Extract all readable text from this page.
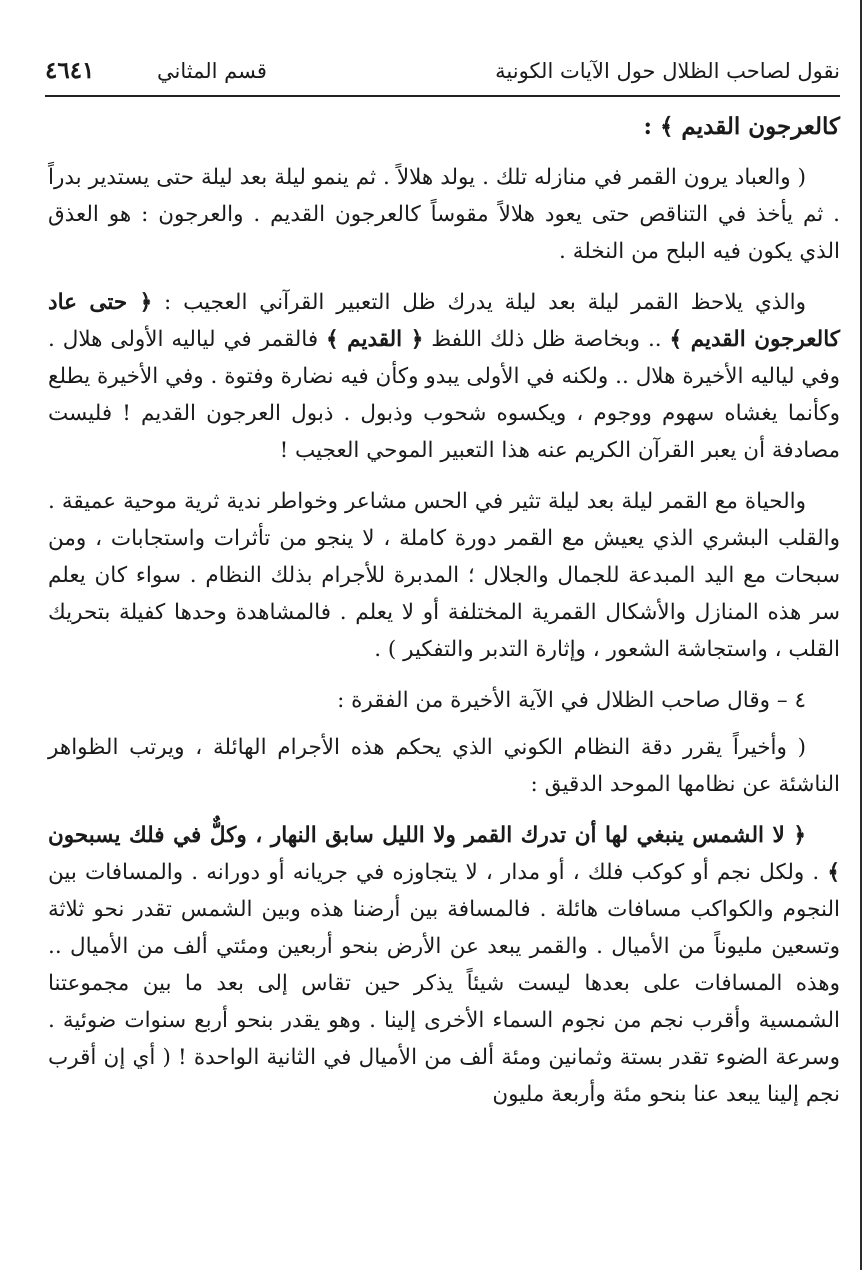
نقول لصاحب الظلال حول الآيات الكونية
قسم المثاني
٤٦٤١

كالعرجون القديم ﴾ :

( والعباد يرون القمر في منازله تلك . يولد هلالاً . ثم ينمو ليلة بعد ليلة حتى يستدير بدراً . ثم يأخذ في التناقص حتى يعود هلالاً مقوساً كالعرجون القديم . والعرجون : هو العذق الذي يكون فيه البلح من النخلة .

والذي يلاحظ القمر ليلة بعد ليلة يدرك ظل التعبير القرآني العجيب : ﴿ حتى عاد كالعرجون القديم ﴾ .. وبخاصة ظل ذلك اللفظ ﴿ القديم ﴾ فالقمر في لياليه الأولى هلال . وفي لياليه الأخيرة هلال .. ولكنه في الأولى يبدو وكأن فيه نضارة وفتوة . وفي الأخيرة يطلع وكأنما يغشاه سهوم ووجوم ، ويكسوه شحوب وذبول . ذبول العرجون القديم ! فليست مصادفة أن يعبر القرآن الكريم عنه هذا التعبير الموحي العجيب !

والحياة مع القمر ليلة بعد ليلة تثير في الحس مشاعر وخواطر ندية ثرية موحية عميقة . والقلب البشري الذي يعيش مع القمر دورة كاملة ، لا ينجو من تأثرات واستجابات ، ومن سبحات مع اليد المبدعة للجمال والجلال ؛ المدبرة للأجرام بذلك النظام . سواء كان يعلم سر هذه المنازل والأشكال القمرية المختلفة أو لا يعلم . فالمشاهدة وحدها كفيلة بتحريك القلب ، واستجاشة الشعور ، وإثارة التدبر والتفكير ) .

٤ – وقال صاحب الظلال في الآية الأخيرة من الفقرة :

( وأخيراً يقرر دقة النظام الكوني الذي يحكم هذه الأجرام الهائلة ، ويرتب الظواهر الناشئة عن نظامها الموحد الدقيق :

﴿ لا الشمس ينبغي لها أن تدرك القمر ولا الليل سابق النهار ، وكلٌّ في فلك يسبحون ﴾ . ولكل نجم أو كوكب فلك ، أو مدار ، لا يتجاوزه في جريانه أو دورانه . والمسافات بين النجوم والكواكب مسافات هائلة . فالمسافة بين أرضنا هذه وبين الشمس تقدر نحو ثلاثة وتسعين مليوناً من الأميال . والقمر يبعد عن الأرض بنحو أربعين ومئتي ألف من الأميال .. وهذه المسافات على بعدها ليست شيئاً يذكر حين تقاس إلى بعد ما بين مجموعتنا الشمسية وأقرب نجم من نجوم السماء الأخرى إلينا . وهو يقدر بنحو أربع سنوات ضوئية . وسرعة الضوء تقدر بستة وثمانين ومئة ألف من الأميال في الثانية الواحدة ! ( أي إن أقرب نجم إلينا يبعد عنا بنحو مئة وأربعة مليون
